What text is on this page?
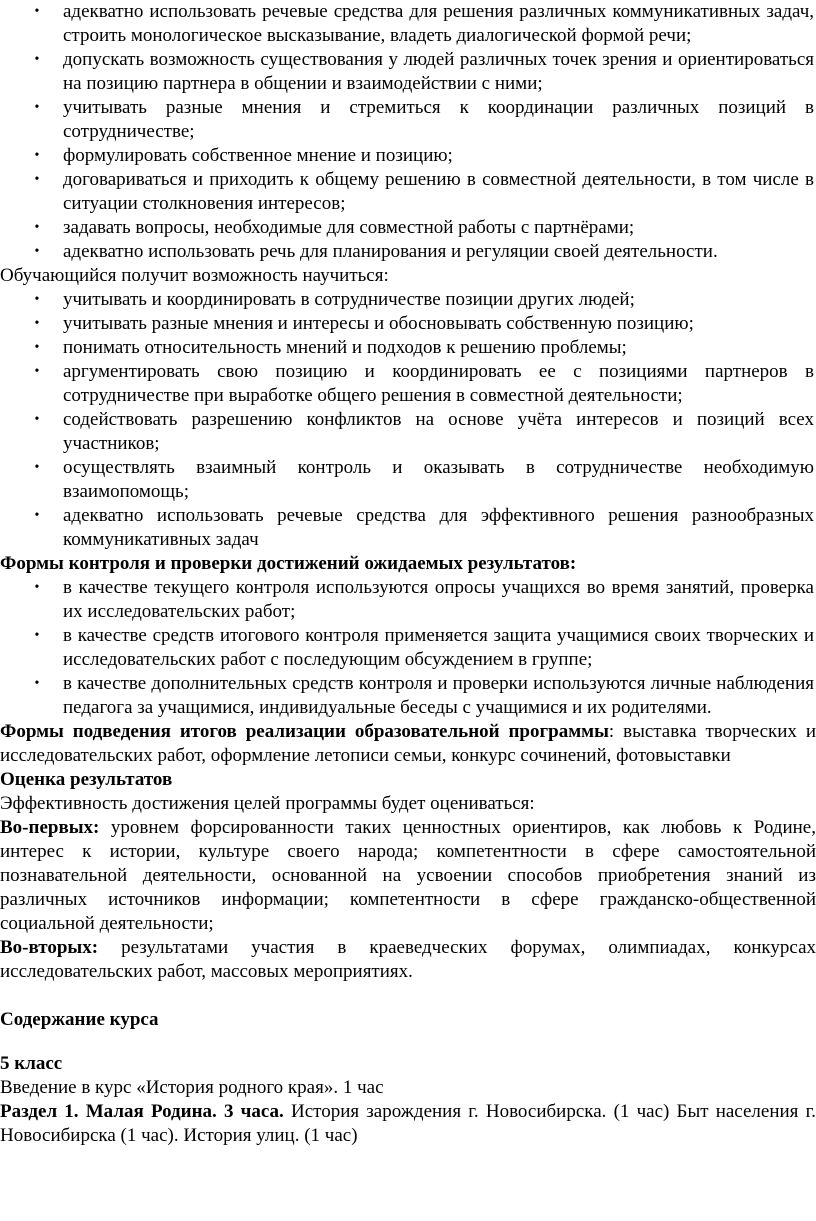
• адекватно использовать речевые средства для решения различных коммуникативных задач, строить монологическое высказывание, владеть диалогической формой речи;
• допускать возможность существования у людей различных точек зрения и ориентироваться на позицию партнера в общении и взаимодействии с ними;
• учитывать разные мнения и стремиться к координации различных позиций в сотрудничестве;
• формулировать собственное мнение и позицию;
• договариваться и приходить к общему решению в совместной деятельности, в том числе в ситуации столкновения интересов;
• задавать вопросы, необходимые для совместной работы с партнёрами;
• адекватно использовать речь для планирования и регуляции своей деятельности.

Обучающийся получит возможность научиться:

• учитывать и координировать в сотрудничестве позиции других людей;
• учитывать разные мнения и интересы и обосновывать собственную позицию;
• понимать относительность мнений и подходов к решению проблемы;
• аргументировать свою позицию и координировать ее с позициями партнеров в сотрудничестве при выработке общего решения в совместной деятельности;
• содействовать разрешению конфликтов на основе учёта интересов и позиций всех участников;
• осуществлять взаимный контроль и оказывать в сотрудничестве необходимую взаимопомощь;
• адекватно использовать речевые средства для эффективного решения разнообразных коммуникативных задач

Формы контроля и проверки достижений ожидаемых результатов:

• в качестве текущего контроля используются опросы учащихся во время занятий, проверка их исследовательских работ;
• в качестве средств итогового контроля применяется защита учащимися своих творческих и исследовательских работ с последующим обсуждением в группе;
• в качестве дополнительных средств контроля и проверки используются личные наблюдения педагога за учащимися, индивидуальные беседы с учащимися и их родителями.

Формы подведения итогов реализации образовательной программы: выставка творческих и исследовательских работ, оформление летописи семьи, конкурс сочинений, фотовыставки

Оценка результатов

Эффективность достижения целей программы будет оцениваться:

Во-первых: уровнем форсированности таких ценностных ориентиров, как любовь к Родине, интерес к истории, культуре своего народа; компетентности в сфере самостоятельной познавательной деятельности, основанной на усвоении способов приобретения знаний из различных источников информации; компетентности в сфере гражданско-общественной социальной деятельности;

Во-вторых: результатами участия в краеведческих форумах, олимпиадах, конкурсах исследовательских работ, массовых мероприятиях.

Содержание курса

5 класс

Введение в курс «История родного края». 1 час

Раздел 1. Малая Родина. 3 часа. История зарождения г. Новосибирска. (1 час) Быт населения г. Новосибирска (1 час). История улиц. (1 час)
